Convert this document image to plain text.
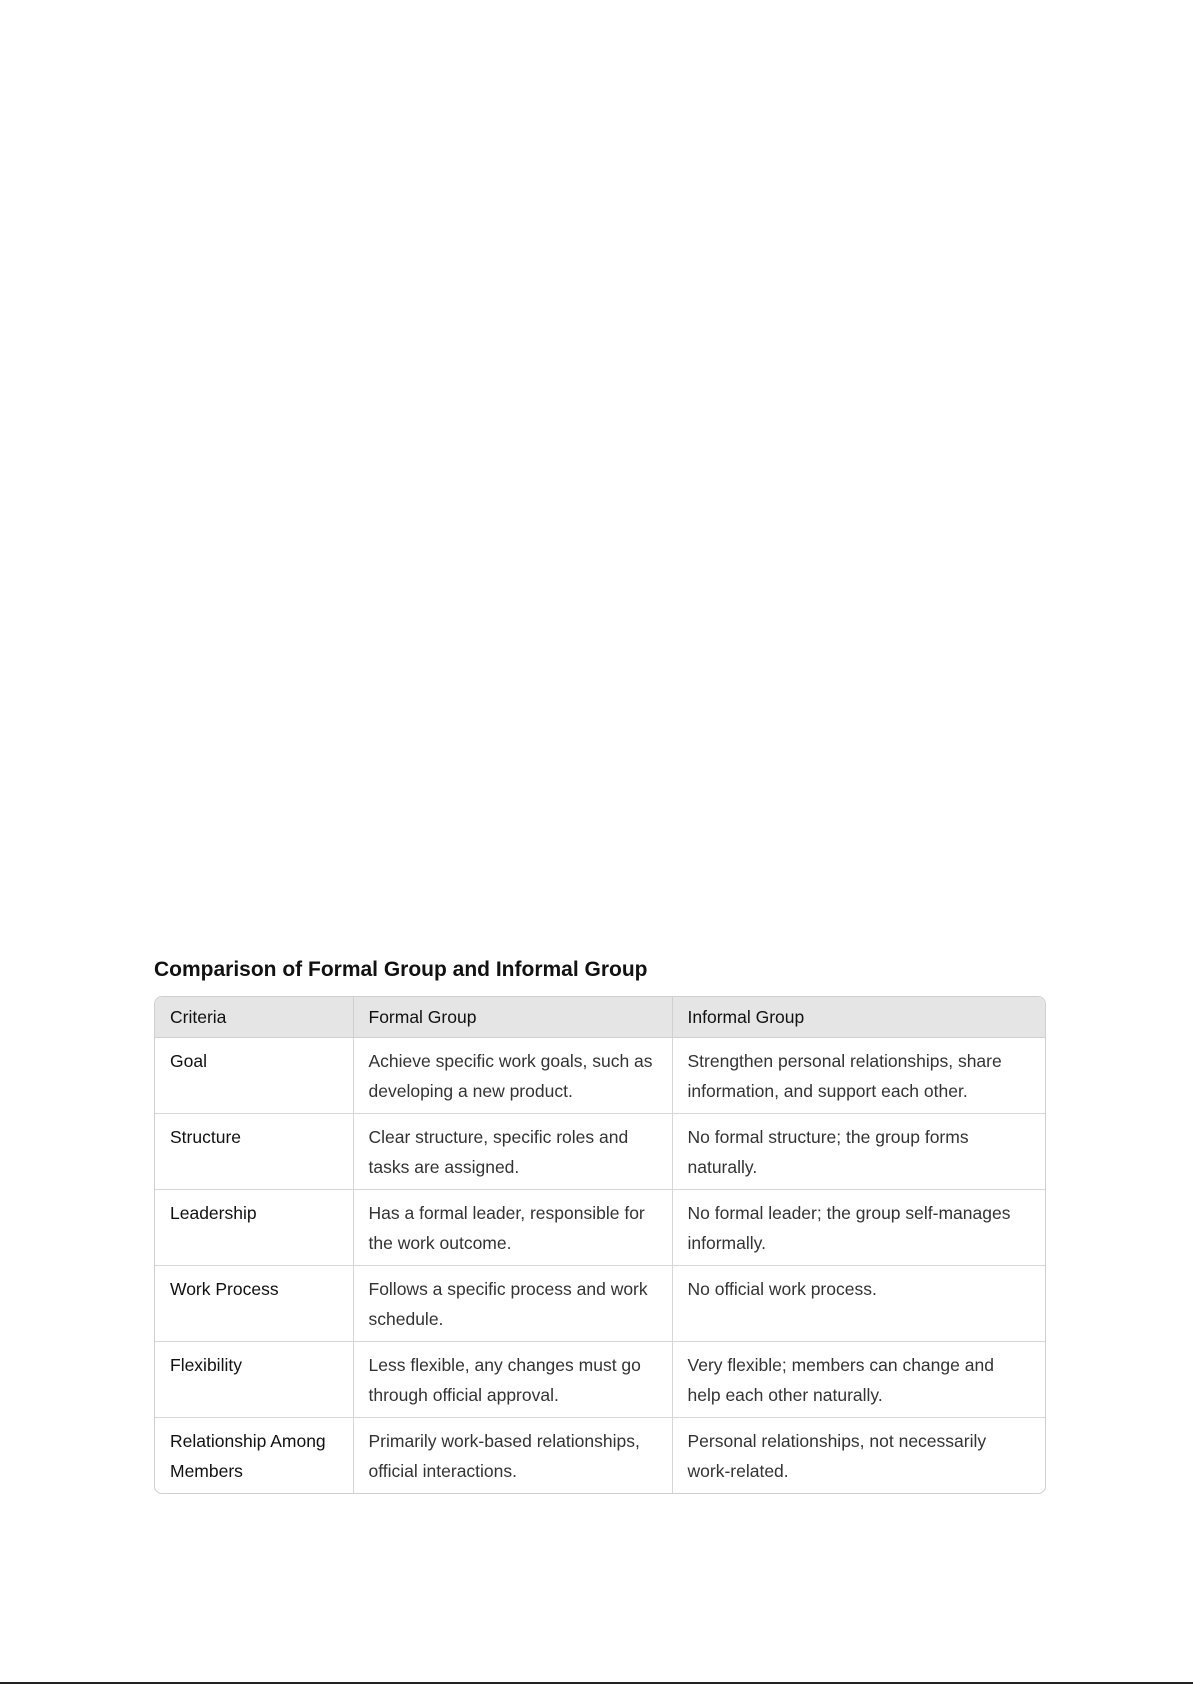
Comparison of Formal Group and Informal Group
Criteria	Formal Group	Informal Group
Goal	Achieve specific work goals, such as developing a new product.	Strengthen personal relationships, share information, and support each other.
Structure	Clear structure, specific roles and tasks are assigned.	No formal structure; the group forms naturally.
Leadership	Has a formal leader, responsible for the work outcome.	No formal leader; the group self-manages informally.
Work Process	Follows a specific process and work schedule.	No official work process.
Flexibility	Less flexible, any changes must go through official approval.	Very flexible; members can change and help each other naturally.
Relationship Among Members	Primarily work-based relationships, official interactions.	Personal relationships, not necessarily work-related.
